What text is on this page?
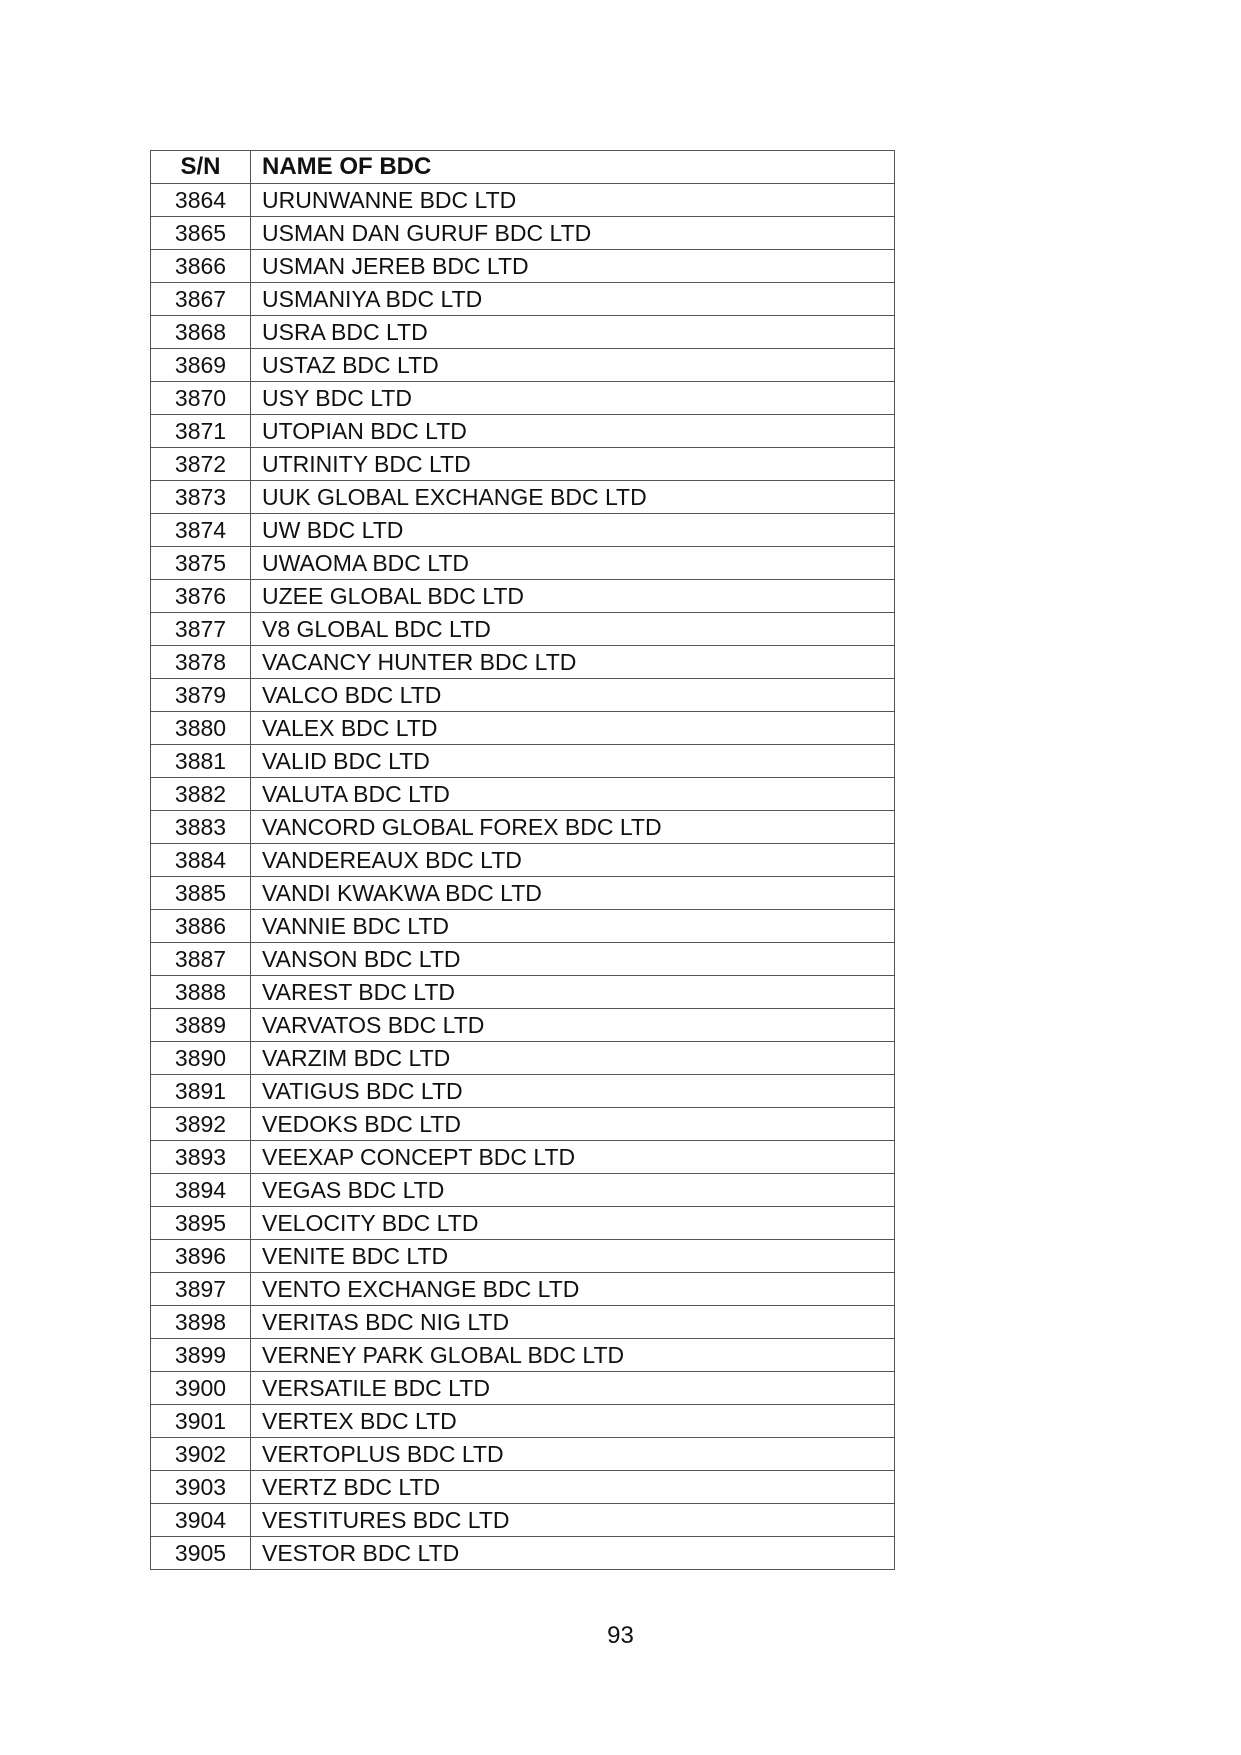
S/N	NAME OF BDC
3864	URUNWANNE BDC LTD
3865	USMAN DAN GURUF BDC LTD
3866	USMAN JEREB BDC LTD
3867	USMANIYA BDC LTD
3868	USRA BDC LTD
3869	USTAZ BDC LTD
3870	USY BDC LTD
3871	UTOPIAN BDC LTD
3872	UTRINITY BDC LTD
3873	UUK GLOBAL EXCHANGE BDC LTD
3874	UW BDC LTD
3875	UWAOMA BDC LTD
3876	UZEE GLOBAL BDC LTD
3877	V8 GLOBAL BDC LTD
3878	VACANCY HUNTER BDC LTD
3879	VALCO BDC LTD
3880	VALEX BDC LTD
3881	VALID BDC LTD
3882	VALUTA BDC LTD
3883	VANCORD GLOBAL FOREX BDC LTD
3884	VANDEREAUX BDC LTD
3885	VANDI KWAKWA BDC LTD
3886	VANNIE BDC LTD
3887	VANSON BDC LTD
3888	VAREST BDC LTD
3889	VARVATOS BDC LTD
3890	VARZIM BDC LTD
3891	VATIGUS BDC LTD
3892	VEDOKS BDC LTD
3893	VEEXAP CONCEPT BDC LTD
3894	VEGAS BDC LTD
3895	VELOCITY BDC LTD
3896	VENITE BDC LTD
3897	VENTO EXCHANGE BDC LTD
3898	VERITAS BDC NIG LTD
3899	VERNEY PARK GLOBAL BDC LTD
3900	VERSATILE BDC LTD
3901	VERTEX BDC LTD
3902	VERTOPLUS BDC LTD
3903	VERTZ BDC LTD
3904	VESTITURES BDC LTD
3905	VESTOR BDC LTD
93
